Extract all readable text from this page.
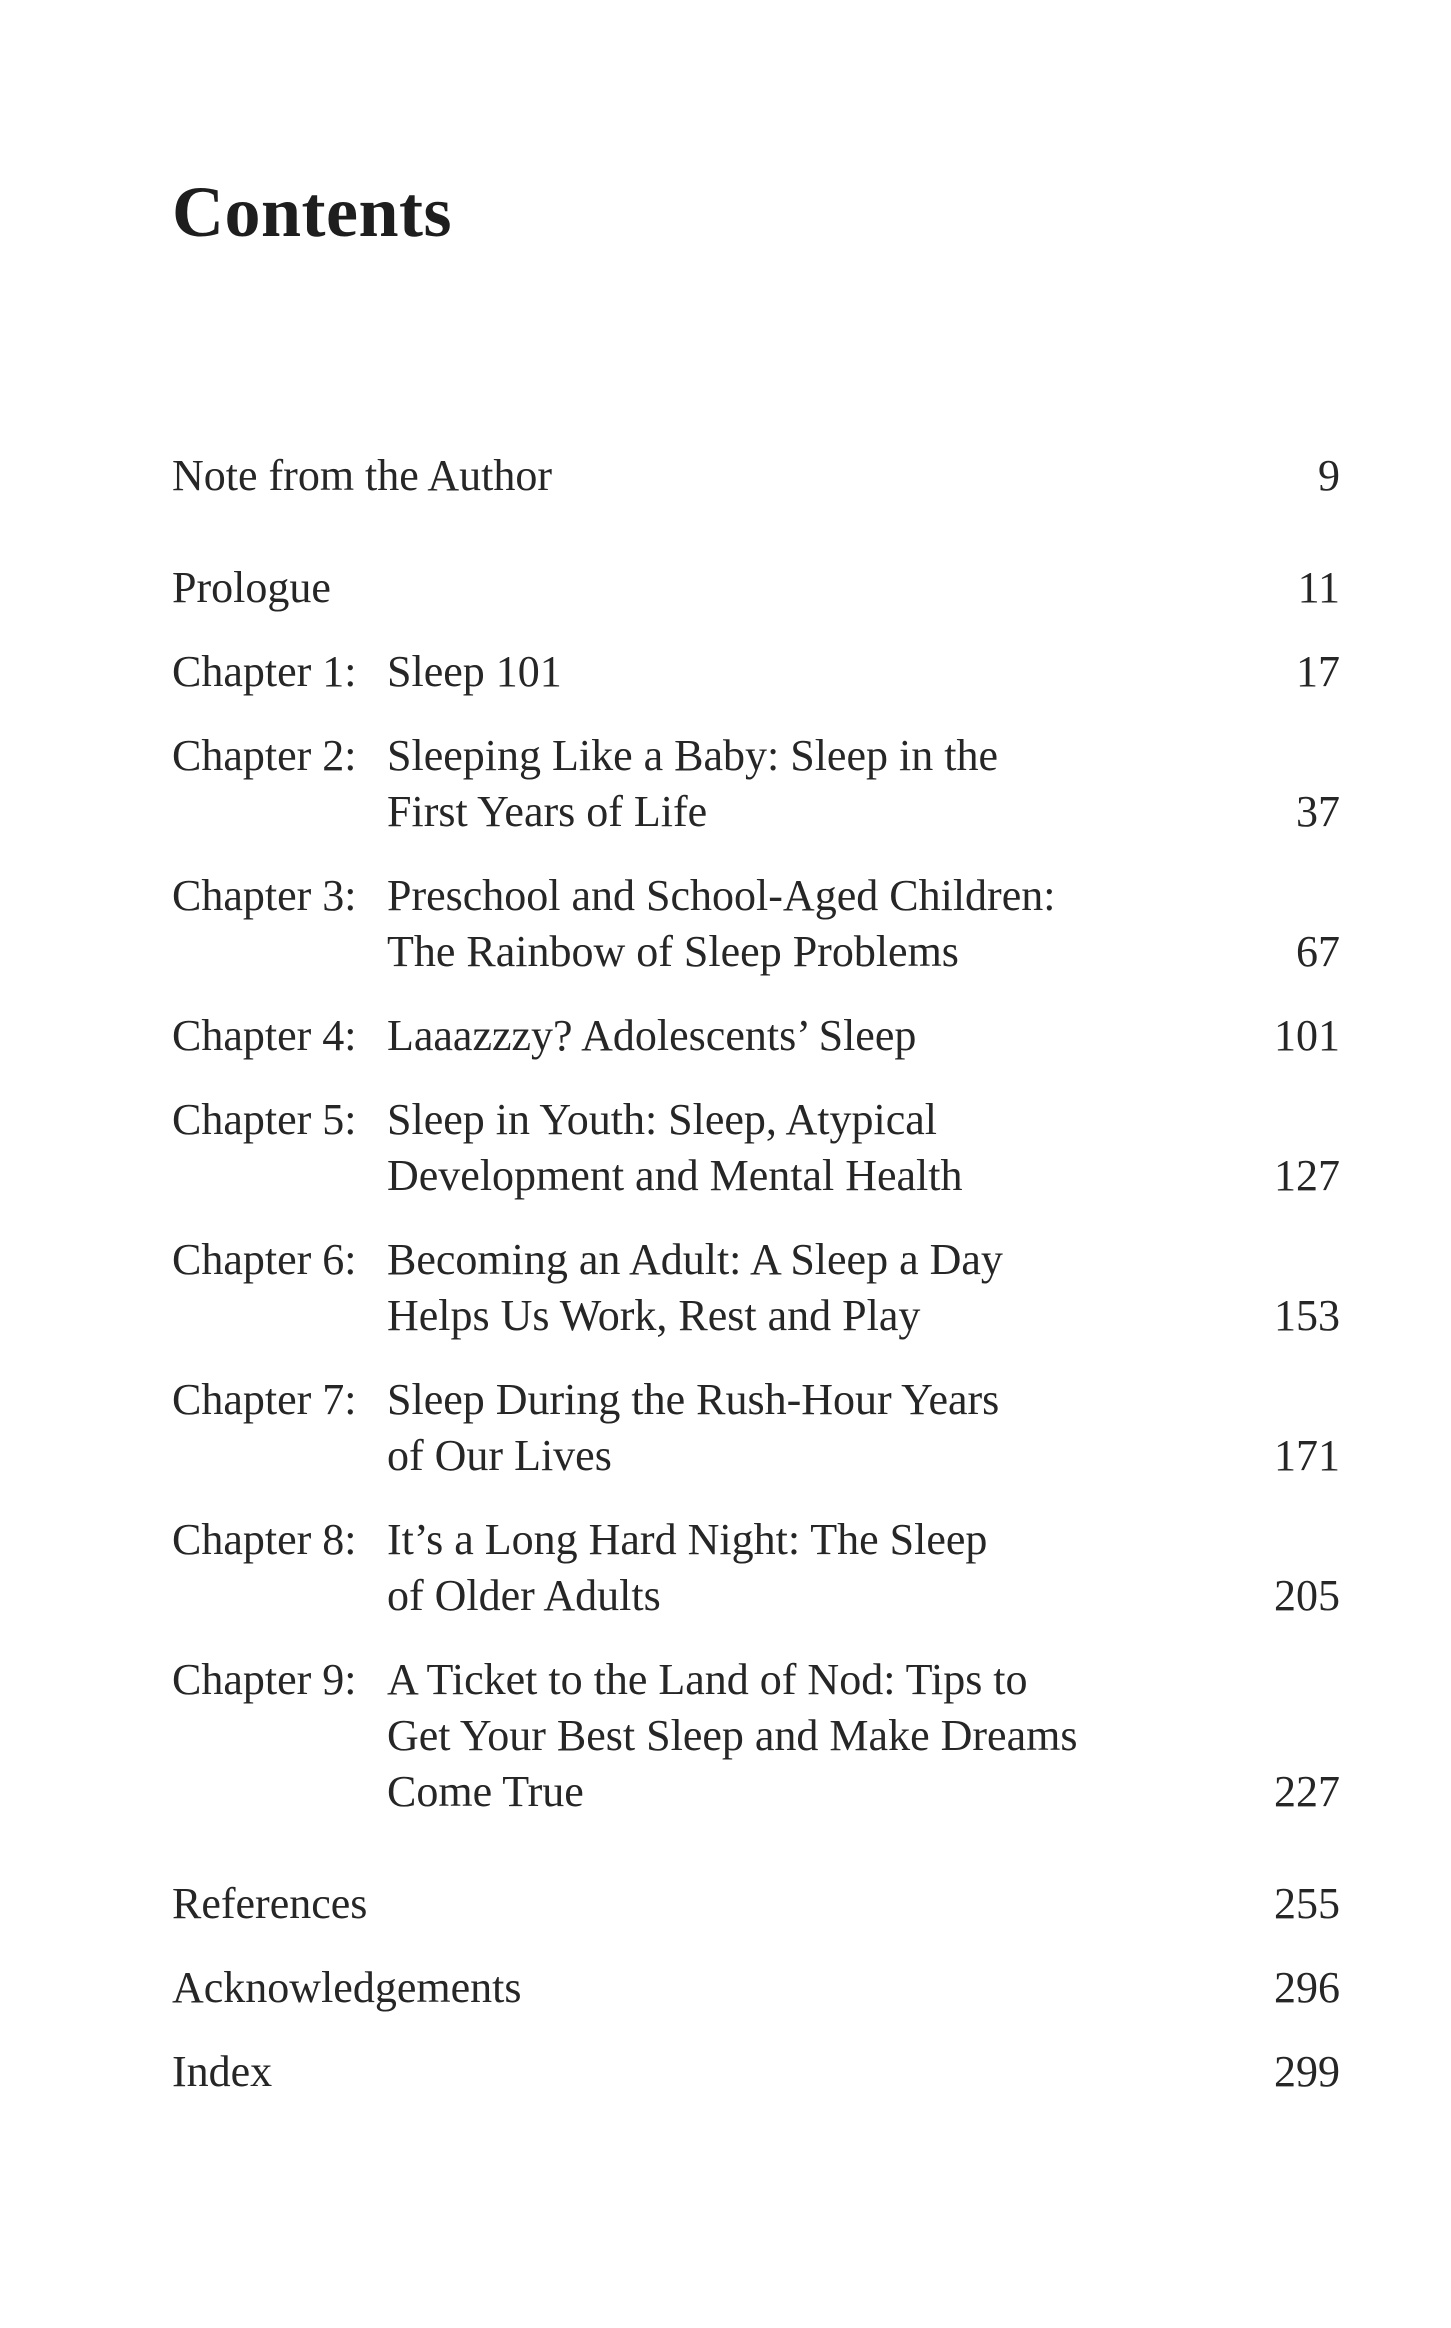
Contents
Note from the Author	9
Prologue	11
Chapter 1: Sleep 101	17
Chapter 2: Sleeping Like a Baby: Sleep in the
First Years of Life	37
Chapter 3: Preschool and School-Aged Children:
The Rainbow of Sleep Problems	67
Chapter 4: Laaazzzy? Adolescents’ Sleep	101
Chapter 5: Sleep in Youth: Sleep, Atypical
Development and Mental Health	127
Chapter 6: Becoming an Adult: A Sleep a Day
Helps Us Work, Rest and Play	153
Chapter 7: Sleep During the Rush-Hour Years
of Our Lives	171
Chapter 8: It’s a Long Hard Night: The Sleep
of Older Adults	205
Chapter 9: A Ticket to the Land of Nod: Tips to
Get Your Best Sleep and Make Dreams
Come True	227
References	255
Acknowledgements	296
Index	299
